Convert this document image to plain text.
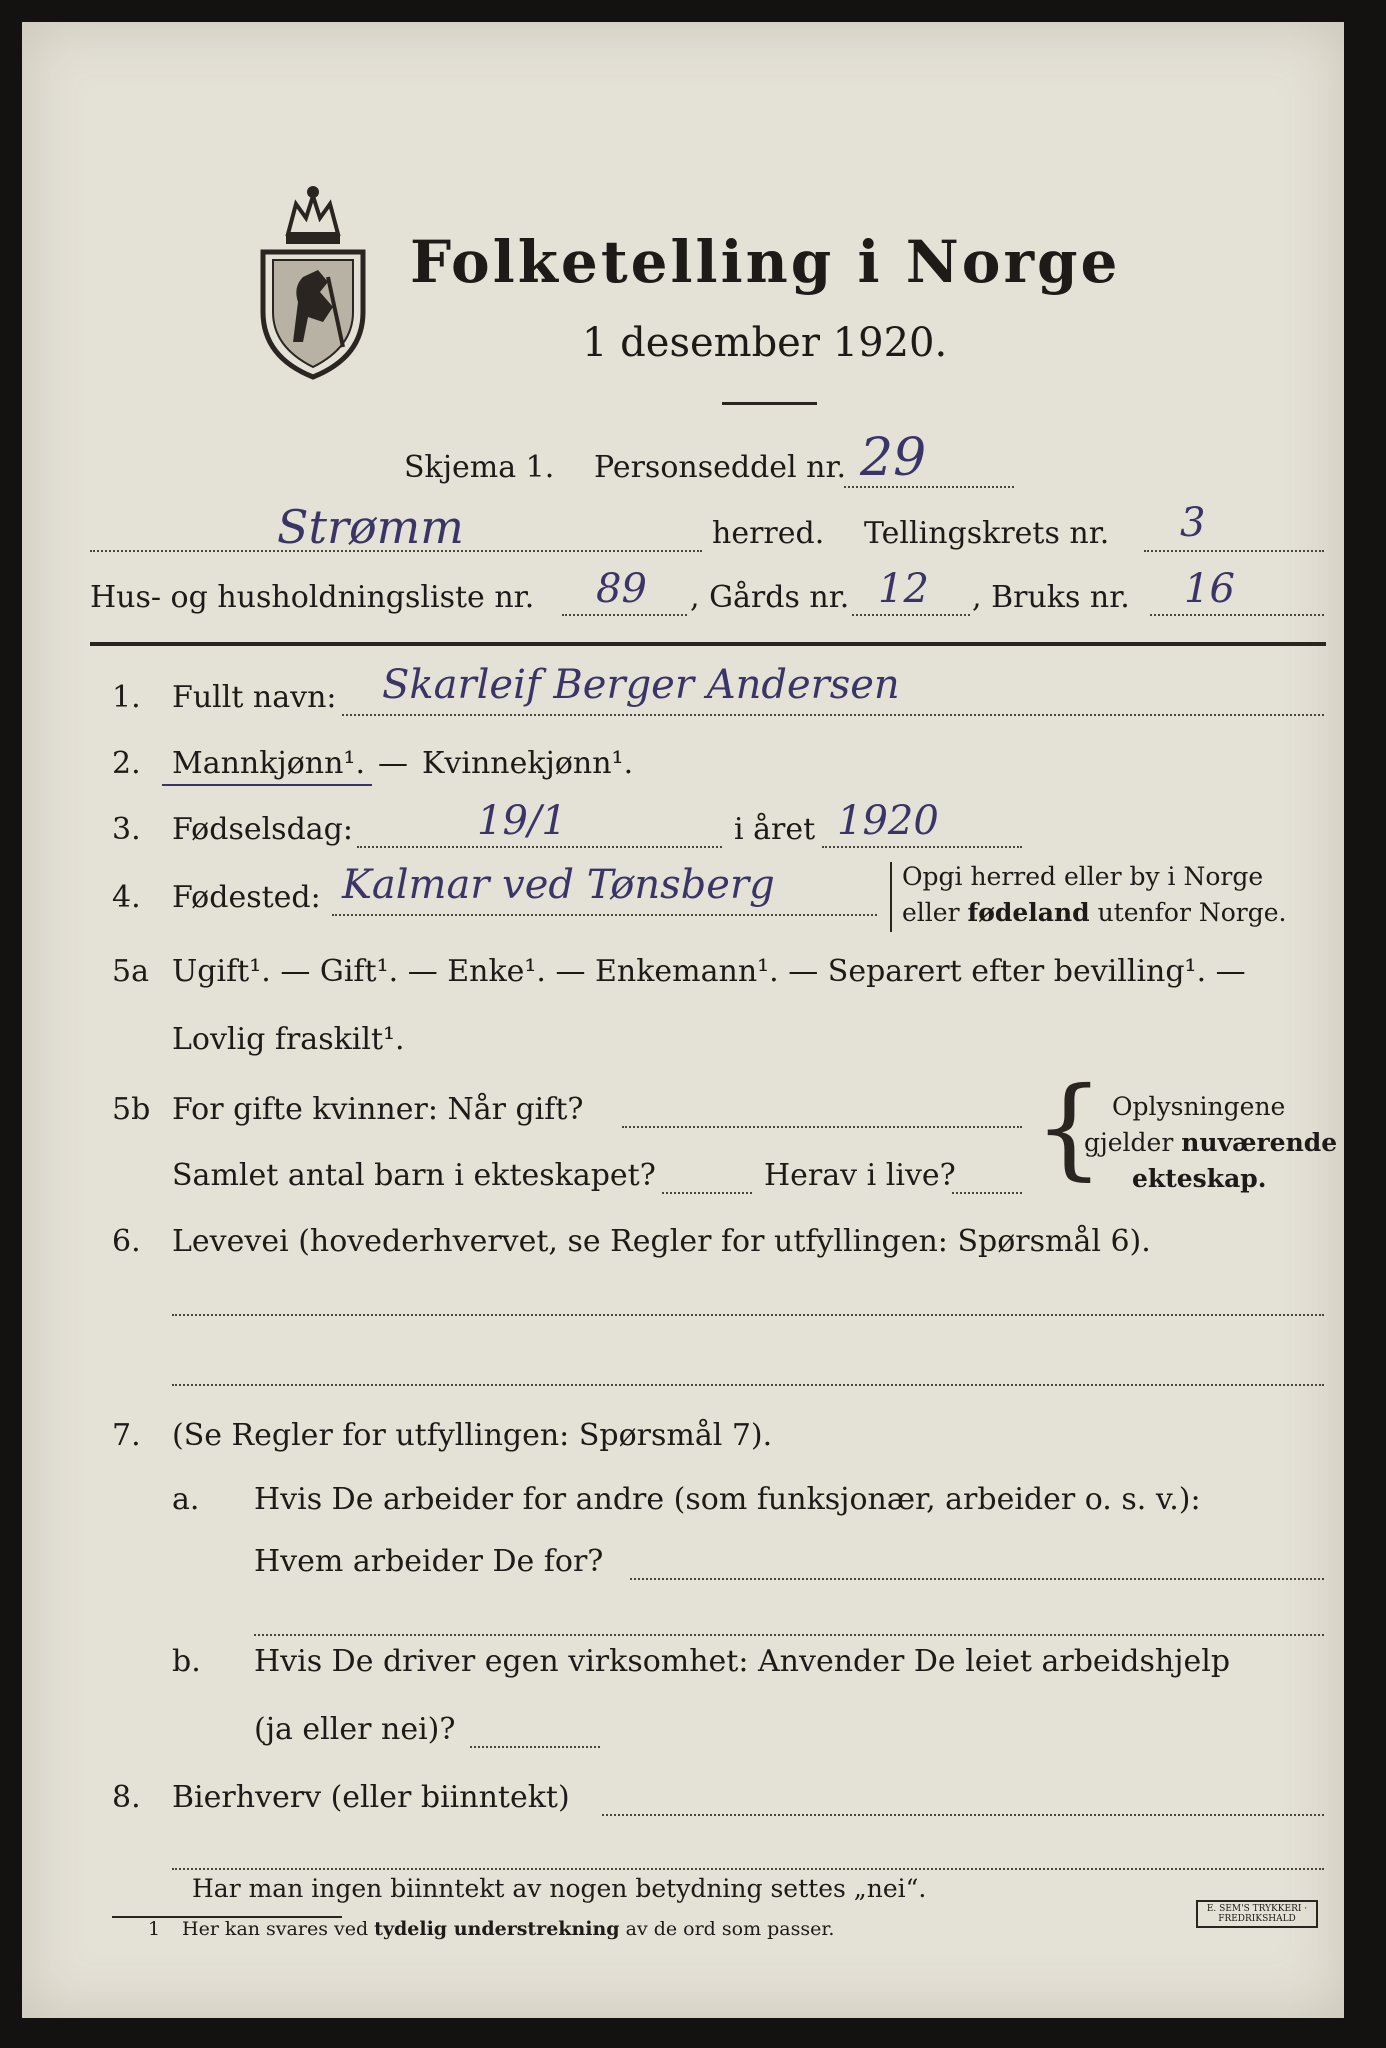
Folketelling i Norge
1 desember 1920.
Skjema 1. Personseddel nr. 29
Strømm	herred. Tellingskrets nr. 3
Hus- og husholdningsliste nr. 89 , Gårds nr. 12 , Bruks nr. 16
1. Fullt navn: Skarleif Berger Andersen
2. Mannkjønn¹. — Kvinnekjønn¹.
3. Fødselsdag:	19/1	i året 1920
4. Fødested: Kalmar ved Tønsberg	Opgi herred eller by i Norge
eller fødeland utenfor Norge.
5a Ugift¹. — Gift¹. — Enke¹. — Enkemann¹. — Separert efter bevilling¹. —
Lovlig fraskilt¹.
5b For gifte kvinner: Når gift?
Samlet antal barn i ekteskapet?	Herav i live? { Oplysningene
gjelder nuværende
ekteskap.
6. Levevei (hovederhvervet, se Regler for utfyllingen: Spørsmål 6).
7. (Se Regler for utfyllingen: Spørsmål 7).
a. Hvis De arbeider for andre (som funksjonær, arbeider o. s. v.):
Hvem arbeider De for?
b. Hvis De driver egen virksomhet: Anvender De leiet arbeidshjelp
(ja eller nei)?
8. Bierhverv (eller biinntekt)
Har man ingen biinntekt av nogen betydning settes „nei“.
1 Her kan svares ved tydelig understrekning av de ord som passer.
E. SEM'S TRYKKERI · FREDRIKSHALD
